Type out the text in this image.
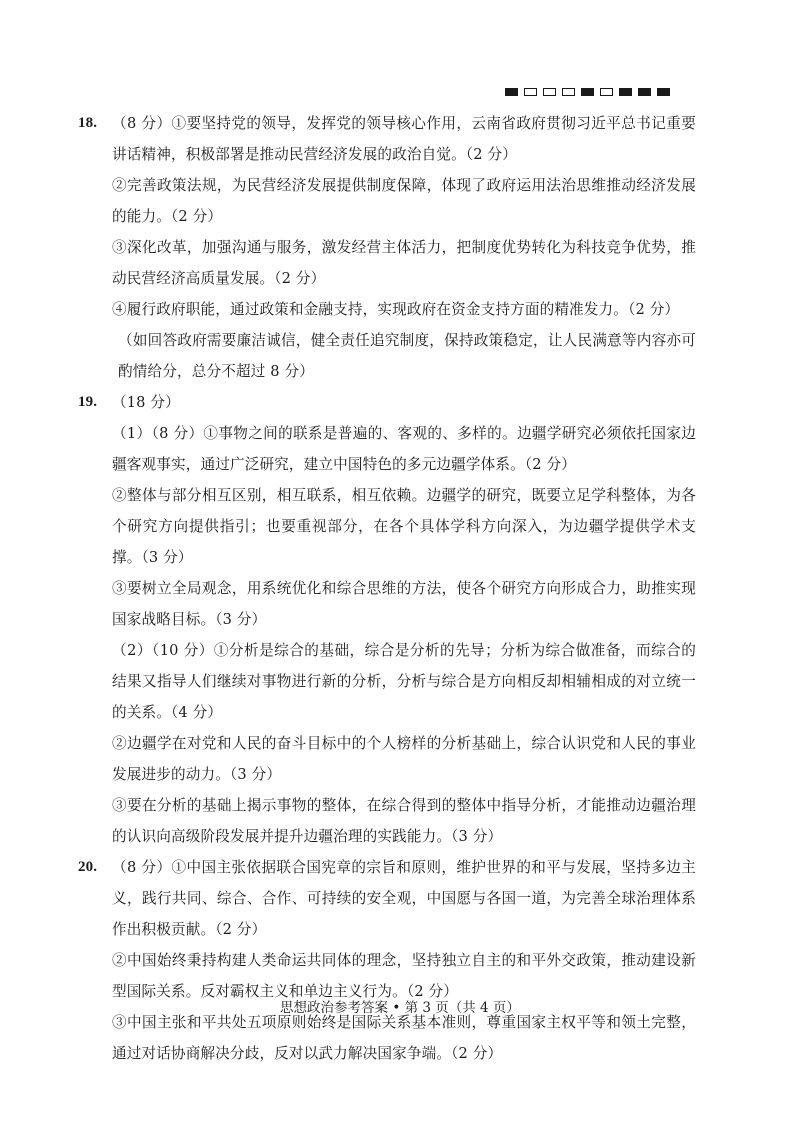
18. （8 分）①要坚持党的领导，发挥党的领导核心作用，云南省政府贯彻习近平总书记重要讲话精神，积极部署是推动民营经济发展的政治自觉。（2 分）

②完善政策法规，为民营经济发展提供制度保障，体现了政府运用法治思维推动经济发展的能力。（2 分）

③深化改革，加强沟通与服务，激发经营主体活力，把制度优势转化为科技竞争优势，推动民营经济高质量发展。（2 分）

④履行政府职能，通过政策和金融支持，实现政府在资金支持方面的精准发力。（2 分）

（如回答政府需要廉洁诚信，健全责任追究制度，保持政策稳定，让人民满意等内容亦可酌情给分，总分不超过 8 分）

19. （18 分）

（1）（8 分）①事物之间的联系是普遍的、客观的、多样的。边疆学研究必须依托国家边疆客观事实，通过广泛研究，建立中国特色的多元边疆学体系。（2 分）

②整体与部分相互区别，相互联系，相互依赖。边疆学的研究，既要立足学科整体，为各个研究方向提供指引；也要重视部分，在各个具体学科方向深入，为边疆学提供学术支撑。（3 分）

③要树立全局观念，用系统优化和综合思维的方法，使各个研究方向形成合力，助推实现国家战略目标。（3 分）

（2）（10 分）①分析是综合的基础，综合是分析的先导；分析为综合做准备，而综合的结果又指导人们继续对事物进行新的分析，分析与综合是方向相反却相辅相成的对立统一的关系。（4 分）

②边疆学在对党和人民的奋斗目标中的个人榜样的分析基础上，综合认识党和人民的事业发展进步的动力。（3 分）

③要在分析的基础上揭示事物的整体，在综合得到的整体中指导分析，才能推动边疆治理的认识向高级阶段发展并提升边疆治理的实践能力。（3 分）

20. （8 分）①中国主张依据联合国宪章的宗旨和原则，维护世界的和平与发展，坚持多边主义，践行共同、综合、合作、可持续的安全观，中国愿与各国一道，为完善全球治理体系作出积极贡献。（2 分）

②中国始终秉持构建人类命运共同体的理念，坚持独立自主的和平外交政策，推动建设新型国际关系。反对霸权主义和单边主义行为。（2 分）

③中国主张和平共处五项原则始终是国际关系基本准则，尊重国家主权平等和领土完整，通过对话协商解决分歧，反对以武力解决国家争端。（2 分）

思想政治参考答案 • 第 3 页（共 4 页）
